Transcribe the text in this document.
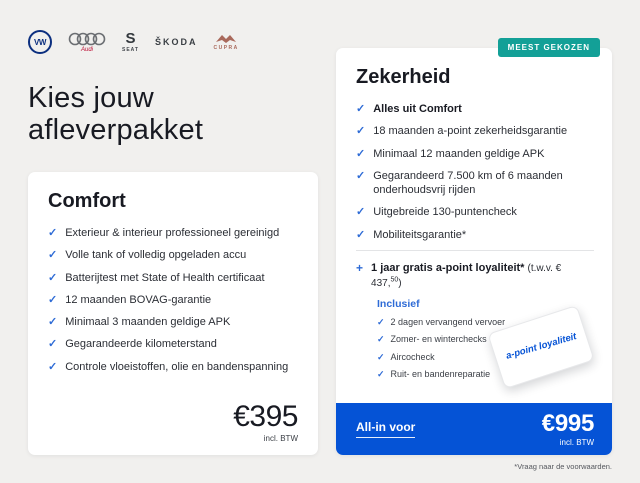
VW
Audi
S
SEAT
ŠKODA
CUPRA
Kies jouw afleverpakket
Comfort
✓ Exterieur & interieur professioneel gereinigd
✓ Volle tank of volledig opgeladen accu
✓ Batterijtest met State of Health certificaat
✓ 12 maanden BOVAG-garantie
✓ Minimaal 3 maanden geldige APK
✓ Gegarandeerde kilometerstand
✓ Controle vloeistoffen, olie en bandenspanning
€395
incl. BTW
MEEST GEKOZEN
Zekerheid
✓ Alles uit Comfort
✓ 18 maanden a-point zekerheidsgarantie
✓ Minimaal 12 maanden geldige APK
✓ Gegarandeerd 7.500 km of 6 maanden onderhoudsvrij rijden
✓ Uitgebreide 130-puntencheck
✓ Mobiliteitsgarantie*
+ 1 jaar gratis a-point loyaliteit* (t.w.v. € 437,50)
Inclusief
✓ 2 dagen vervangend vervoer
✓ Zomer- en winterchecks
✓ Aircocheck
✓ Ruit- en bandenreparatie
a-point loyaliteit
All-in voor	€995
incl. BTW
*Vraag naar de voorwaarden.
